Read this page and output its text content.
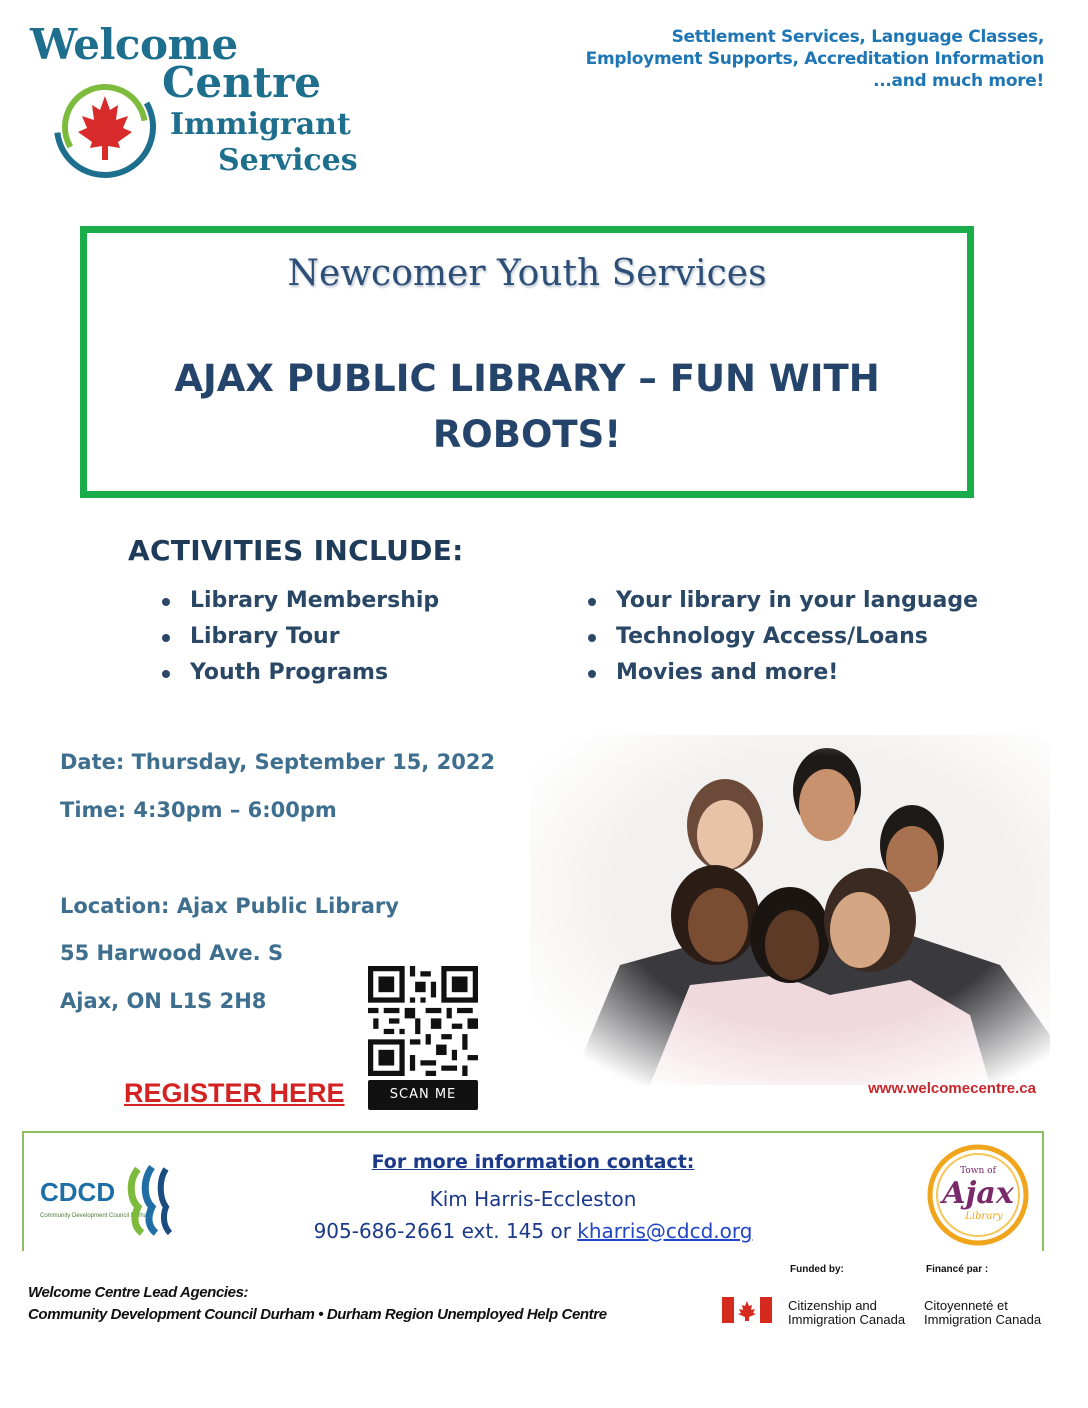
Welcome
Centre
Immigrant
Services
Settlement Services, Language Classes,
Employment Supports, Accreditation Information
...and much more!
Newcomer Youth Services
AJAX PUBLIC LIBRARY – FUN WITH ROBOTS!
ACTIVITIES INCLUDE:
Library Membership
Library Tour
Youth Programs
Your library in your language
Technology Access/Loans
Movies and more!
Date: Thursday, September 15, 2022
Time: 4:30pm – 6:00pm
Location: Ajax Public Library
55 Harwood Ave. S
Ajax, ON L1S 2H8
REGISTER HERE	SCAN ME	www.welcomecentre.ca
CDCD
Community Development Council Durham
For more information contact:
Kim Harris-Eccleston
905-686-2661 ext. 145 or kharris@cdcd.org
Town of
Ajax
Library
Welcome Centre Lead Agencies:
Community Development Council Durham • Durham Region Unemployed Help Centre
Funded by:	Financé par :
Citizenship and
Immigration Canada
Citoyenneté et
Immigration Canada
